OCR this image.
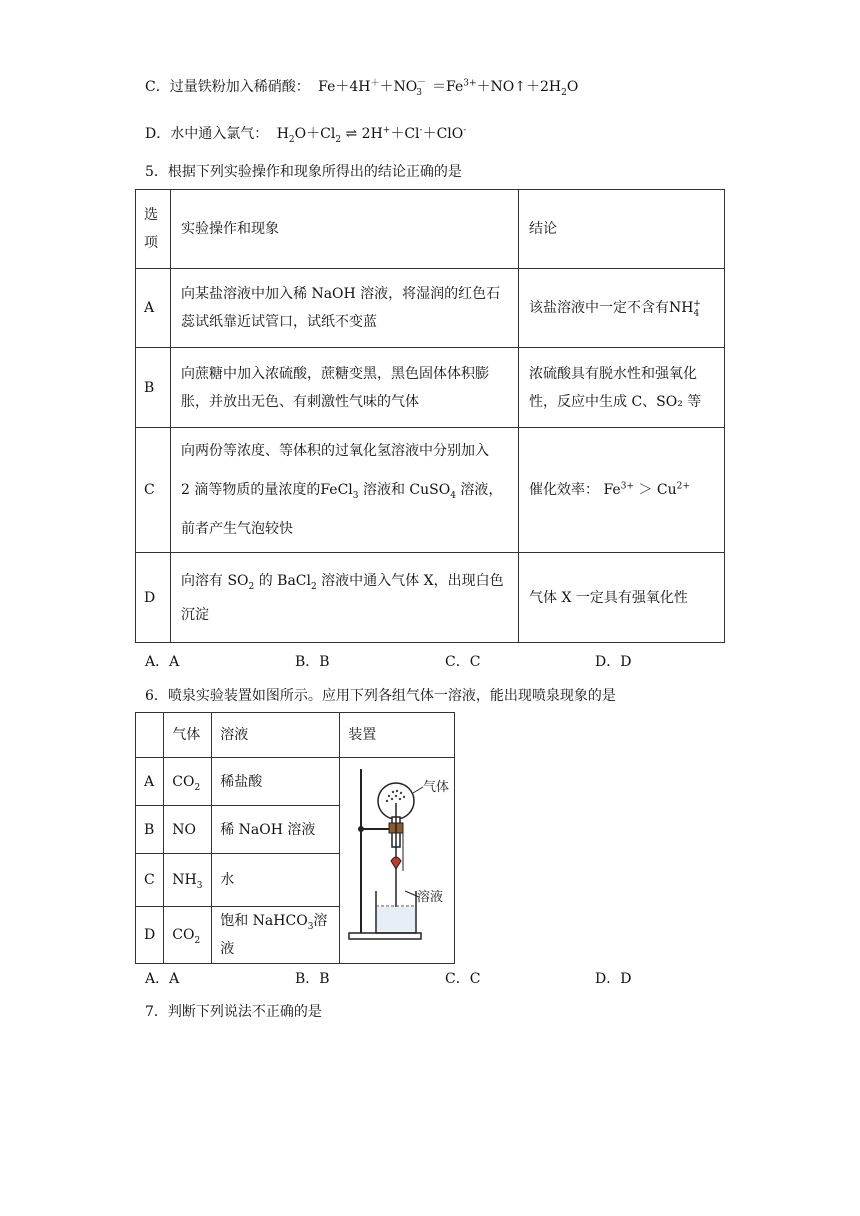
C．过量铁粉加入稀硝酸： $Fe+4H^++NO_3^-$ $=Fe^{3+}+NO↑+2H_2O$
D．水中通入氯气： $H_2O+Cl_2$ ⇌ 2H+＋Cl-＋ClO-
5．根据下列实验操作和现象所得出的结论正确的是
选项	实验操作和现象	结论
A	向某盐溶液中加入稀 NaOH 溶液，将湿润的红色石蕊试纸靠近试管口，试纸不变蓝	该盐溶液中一定不含有$NH_4^+$
B	向蔗糖中加入浓硫酸，蔗糖变黑，黑色固体体积膨胀，并放出无色、有刺激性气味的气体	浓硫酸具有脱水性和强氧化性，反应中生成 C、SO₂ 等
C	向两份等浓度、等体积的过氧化氢溶液中分别加入
2 滴等物质的量浓度的FeCl$_3$ 溶液和 CuSO$_4$ 溶液，
前者产生气泡较快	催化效率： $Fe^{3+} > Cu^{2+}$
D	向溶有 $SO_2$ 的 BaCl$_2$ 溶液中通入气体 X，出现白色
沉淀	气体 X 一定具有强氧化性
A．A	B．B	C．C	D．D
6．喷泉实验装置如图所示。应用下列各组气体一溶液，能出现喷泉现象的是
	气体	溶液	装置
A	$CO_2$	稀盐酸	气体
溶液

B	NO	稀 NaOH 溶液	
C	$NH_3$	水	
D	$CO_2$	饱和 NaHCO$_3$溶液	
A．A	B．B	C．C	D．D
7．判断下列说法不正确的是
